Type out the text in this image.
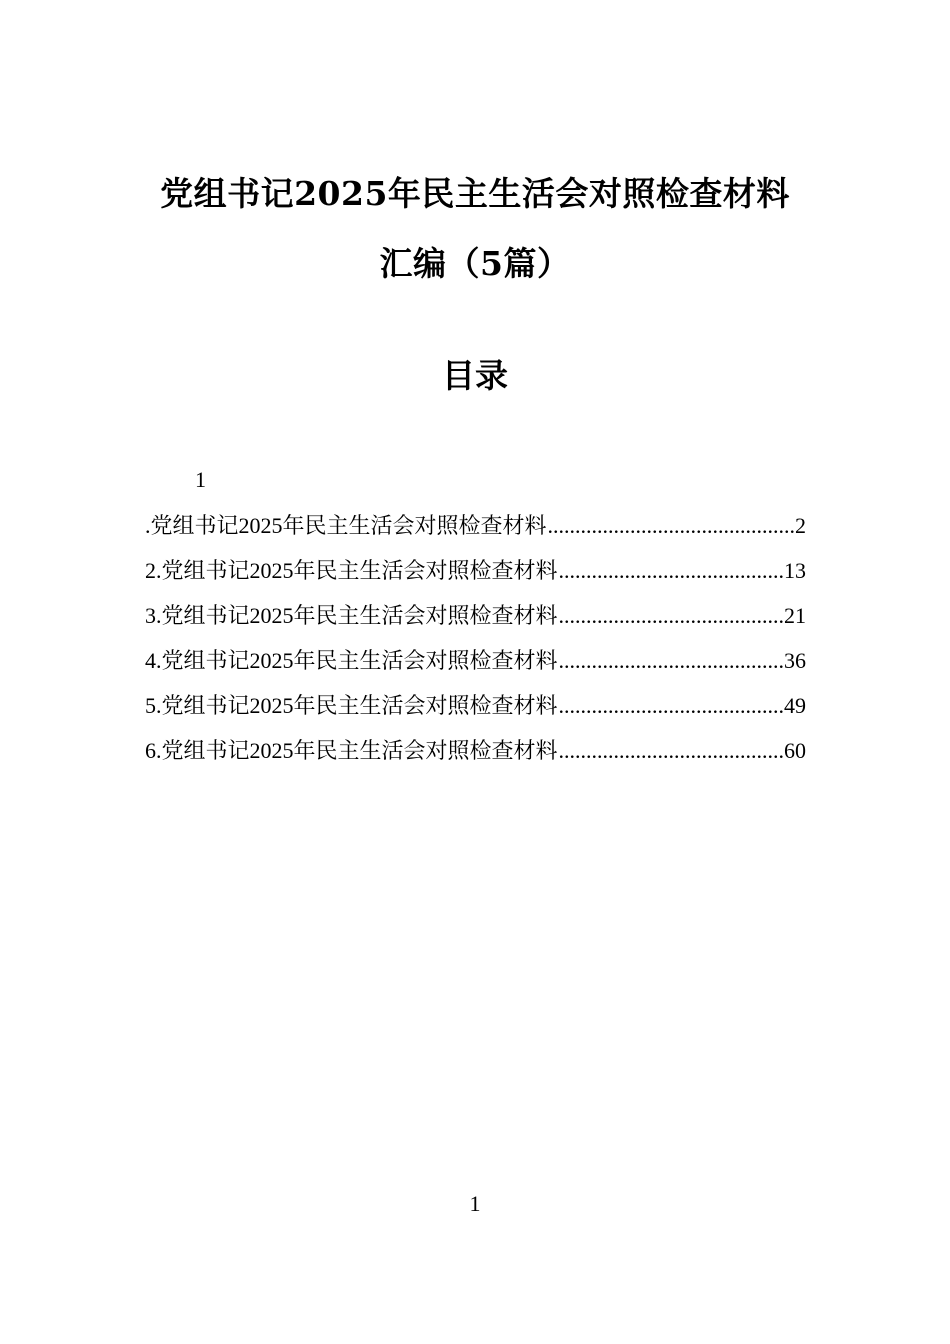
党组书记2025年民主生活会对照检查材料
汇编（5篇）
目录
1
. 党组书记 2025 年民主生活会对照检查材料 .....	2
2. 党组书记 2025 年民主生活会对照检查材料 .....	13
3. 党组书记 2025 年民主生活会对照检查材料 .....	21
4. 党组书记 2025 年民主生活会对照检查材料 .....	36
5. 党组书记 2025 年民主生活会对照检查材料 .....	49
6. 党组书记 2025 年民主生活会对照检查材料 .....	60
1
